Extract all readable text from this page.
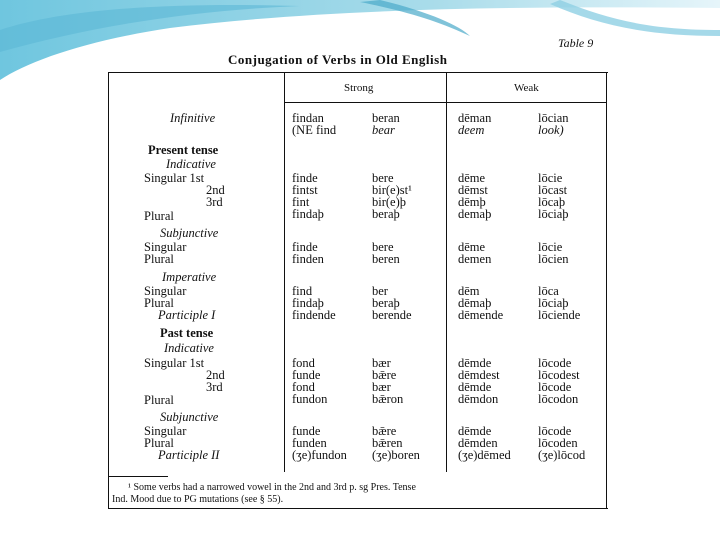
Table 9
Conjugation of Verbs in Old English
Strong	Weak
¹ Some verbs had a narrowed vowel in the 2nd and 3rd p. sg Pres. Tense
Ind. Mood due to PG mutations (see § 55).
Infinitive
Present tense
Indicative
Singular 1st
2nd
3rd
Plural
Subjunctive
Singular
Plural
Imperative
Singular
Plural
Participle I
Past tense
Indicative
Singular 1st
2nd
3rd
Plural
Subjunctive
Singular
Plural
Participle II
findan
(NE find
beran
bear
dēman
deem
lōcian
look)
finde
fintst
fint
findaþ
bere
bir(e)st¹
bir(e)þ
beraþ
dēme
dēmst
dēmþ
demaþ
lōcie
lōcast
lōcaþ
lōciaþ
finde
finden
bere
beren
dēme
demen
lōcie
lōcien
find
findaþ
findende
ber
beraþ
berende
dēm
dēmaþ
dēmende
lōca
lōciaþ
lōciende
fond
funde
fond
fundon
bær
bǣre
bær
bǣron
dēmde
dēmdest
dēmde
dēmdon
lōcode
lōcodest
lōcode
lōcodon
funde
funden
(ʒe)fundon
bǣre
bǣren
(ʒe)boren
dēmde
dēmden
(ʒe)dēmed
lōcode
lōcoden
(ʒe)lōcod
